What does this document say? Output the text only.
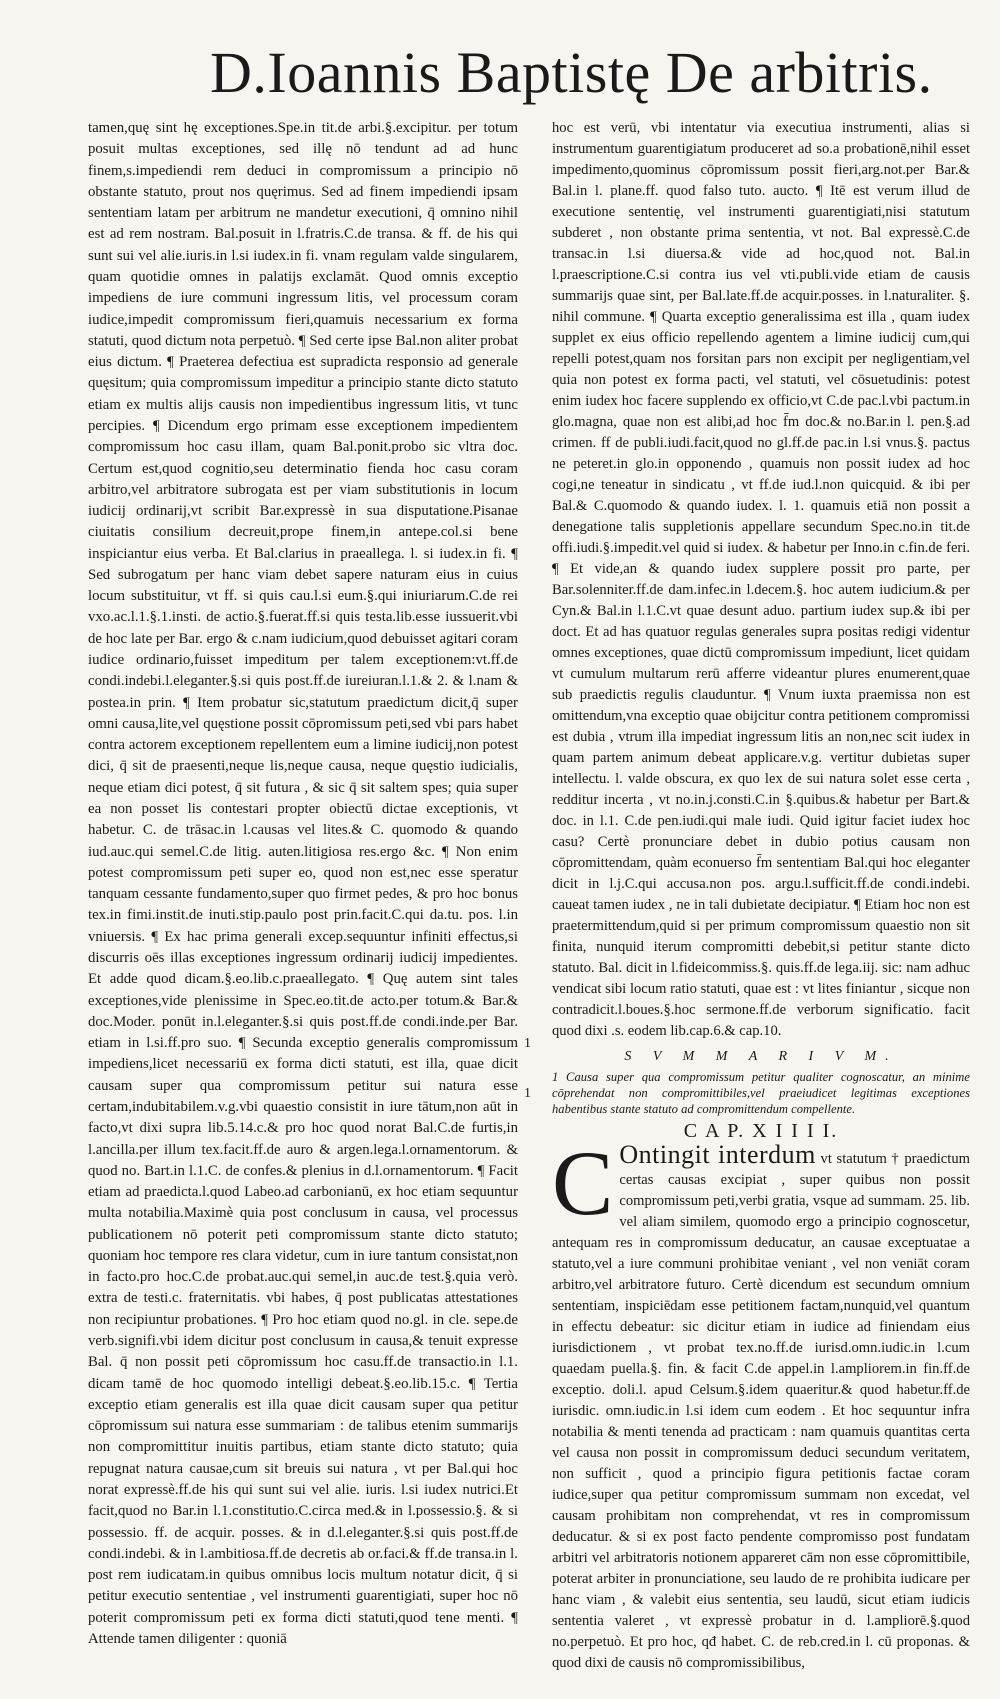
D.Ioannis Baptistę De arbitris.

tamen,quę sint hę exceptiones.Spe.in tit.de arbi.§.excipitur. per totum posuit multas exceptiones, sed illę nō tendunt ad ad hunc finem,s.impediendi rem deduci in compromissum a principio nō obstante statuto, prout nos quęrimus. Sed ad finem impediendi ipsam sententiam latam per arbitrum ne mandetur executioni, q̄ omnino nihil est ad rem nostram. Bal.posuit in l.fratris.C.de transa. & ff. de his qui sunt sui vel alie.iuris.in l.si iudex.in fi. vnam regulam valde singularem, quam quotidie omnes in palatijs exclamāt. Quod omnis exceptio impediens de iure communi ingressum litis, vel processum coram iudice,impedit compromissum fieri,quamuis necessarium ex forma statuti, quod dictum nota perpetuò. ¶ Sed certe ipse Bal.non aliter probat eius dictum. ¶ Praeterea defectiua est supradicta responsio ad generale quęsitum; quia compromissum impeditur a principio stante dicto statuto etiam ex multis alijs causis non impedientibus ingressum litis, vt tunc percipies. ¶ Dicendum ergo primam esse exceptionem impedientem compromissum hoc casu illam, quam Bal.ponit.probo sic vltra doc. Certum est,quod cognitio,seu determinatio fienda hoc casu coram arbitro,vel arbitratore subrogata est per viam substitutionis in locum iudicij ordinarij,vt scribit Bar.expressè in sua disputatione.Pisanae ciuitatis consilium decreuit,prope finem,in antepe.col.si bene inspiciantur eius verba. Et Bal.clarius in praeallega. l. si iudex.in fi. ¶ Sed subrogatum per hanc viam debet sapere naturam eius in cuius locum substituitur, vt ff. si quis cau.l.si eum.§.qui iniuriarum.C.de rei vxo.ac.l.1.§.1.insti. de actio.§.fuerat.ff.si quis testa.lib.esse iussuerit.vbi de hoc late per Bar. ergo & c.nam iudicium,quod debuisset agitari coram iudice ordinario,fuisset impeditum per talem exceptionem:vt.ff.de condi.indebi.l.eleganter.§.si quis post.ff.de iureiuran.l.1.& 2. & l.nam & postea.in prin. ¶ Item probatur sic,statutum praedictum dicit,q̄ super omni causa,lite,vel quęstione possit cōpromissum peti,sed vbi pars habet contra actorem exceptionem repellentem eum a limine iudicij,non potest dici, q̄ sit de praesenti,neque lis,neque causa, neque quęstio iudicialis, neque etiam dici potest, q̄ sit futura , & sic q̄ sit saltem spes; quia super ea non posset lis contestari propter obiectū dictae exceptionis, vt habetur. C. de trāsac.in l.causas vel lites.& C. quomodo & quando iud.auc.qui semel.C.de litig. auten.litigiosa res.ergo &c. ¶ Non enim potest compromissum peti super eo, quod non est,nec esse speratur tanquam cessante fundamento,super quo firmet pedes, & pro hoc bonus tex.in fimi.instit.de inuti.stip.paulo post prin.facit.C.qui da.tu. pos. l.in vniuersis. ¶ Ex hac prima generali excep.sequuntur infiniti effectus,si discurris oēs illas exceptiones ingressum ordinarij iudicij impedientes. Et adde quod dicam.§.eo.lib.c.praeallegato. ¶ Quę autem sint tales exceptiones,vide plenissime in Spec.eo.tit.de acto.per totum.& Bar.& doc.Moder. ponūt in.l.eleganter.§.si quis post.ff.de condi.inde.per Bar. etiam in l.si.ff.pro suo. ¶ Secunda exceptio generalis compromissum impediens,licet necessariū ex forma dicti statuti, est illa, quae dicit causam super qua compromissum petitur sui natura esse certam,indubitabilem.v.g.vbi quaestio consistit in iure tātum,non aūt in facto,vt dixi supra lib.5.14.c.& pro hoc quod norat Bal.C.de furtis,in l.ancilla.per illum tex.facit.ff.de auro & argen.lega.l.ornamentorum. & quod no. Bart.in l.1.C. de confes.& plenius in d.l.ornamentorum. ¶ Facit etiam ad praedicta.l.quod Labeo.ad carbonianū, ex hoc etiam sequuntur multa notabilia.Maximè quia post conclusum in causa, vel processus publicationem nō poterit peti compromissum stante dicto statuto; quoniam hoc tempore res clara videtur, cum in iure tantum consistat,non in facto.pro hoc.C.de probat.auc.qui semel,in auc.de test.§.quia verò. extra de testi.c. fraternitatis. vbi habes, q̄ post publicatas attestationes non recipiuntur probationes. ¶ Pro hoc etiam quod no.gl. in cle. sepe.de verb.signifi.vbi idem dicitur post conclusum in causa,& tenuit expresse Bal. q̄ non possit peti cōpromissum hoc casu.ff.de transactio.in l.1. dicam tamē de hoc quomodo intelligi debeat.§.eo.lib.15.c. ¶ Tertia exceptio etiam generalis est illa quae dicit causam super qua petitur cōpromissum sui natura esse summariam : de talibus etenim summarijs non compromittitur inuitis partibus, etiam stante dicto statuto; quia repugnat natura causae,cum sit breuis sui natura , vt per Bal.qui hoc norat expressè.ff.de his qui sunt sui vel alie. iuris. l.si iudex nutrici.Et facit,quod no Bar.in l.1.constitutio.C.circa med.& in l.possessio.§. & si possessio. ff. de acquir. posses. & in d.l.eleganter.§.si quis post.ff.de condi.indebi. & in l.ambitiosa.ff.de decretis ab or.faci.& ff.de transa.in l. post rem iudicatam.in quibus omnibus locis multum notatur dicit, q̄ si petitur executio sententiae , vel instrumenti guarentigiati, super hoc nō poterit compromissum peti ex forma dicti statuti,quod tene menti. ¶ Attende tamen diligenter : quoniā

1
1

hoc est verū, vbi intentatur via executiua instrumenti, alias si instrumentum guarentigiatum produceret ad so.a probationē,nihil esset impedimento,quominus cōpromissum possit fieri,arg.not.per Bar.& Bal.in l. plane.ff. quod falso tuto. aucto. ¶ Itē est verum illud de executione sententię, vel instrumenti guarentigiati,nisi statutum subderet , non obstante prima sententia, vt not. Bal expressè.C.de transac.in l.si diuersa.& vide ad hoc,quod not. Bal.in l.praescriptione.C.si contra ius vel vti.publi.vide etiam de causis summarijs quae sint, per Bal.late.ff.de acquir.posses. in l.naturaliter. §. nihil commune. ¶ Quarta exceptio generalissima est illa , quam iudex supplet ex eius officio repellendo agentem a limine iudicij cum,qui repelli potest,quam nos forsitan pars non excipit per negligentiam,vel quia non potest ex forma pacti, vel statuti, vel cōsuetudinis: potest enim iudex hoc facere supplendo ex officio,vt C.de pac.l.vbi pactum.in glo.magna, quae non est alibi,ad hoc f̄m doc.& no.Bar.in l. pen.§.ad crimen. ff de publi.iudi.facit,quod no gl.ff.de pac.in l.si vnus.§. pactus ne peteret.in glo.in opponendo , quamuis non possit iudex ad hoc cogi,ne teneatur in sindicatu , vt ff.de iud.l.non quicquid. & ibi per Bal.& C.quomodo & quando iudex. l. 1. quamuis etiā non possit a denegatione talis suppletionis appellare secundum Spec.no.in tit.de offi.iudi.§.impedit.vel quid si iudex. & habetur per Inno.in c.fin.de feri. ¶ Et vide,an & quando iudex supplere possit pro parte, per Bar.solenniter.ff.de dam.infec.in l.decem.§. hoc autem iudicium.& per Cyn.& Bal.in l.1.C.vt quae desunt aduo. partium iudex sup.& ibi per doct. Et ad has quatuor regulas generales supra positas redigi videntur omnes exceptiones, quae dictū compromissum impediunt, licet quidam vt cumulum multarum rerū afferre videantur plures enumerent,quae sub praedictis regulis clauduntur. ¶ Vnum iuxta praemissa non est omittendum,vna exceptio quae obijcitur contra petitionem compromissi est dubia , vtrum illa impediat ingressum litis an non,nec scit iudex in quam partem animum debeat applicare.v.g. vertitur dubietas super intellectu. l. valde obscura, ex quo lex de sui natura solet esse certa , redditur incerta , vt no.in.j.consti.C.in §.quibus.& habetur per Bart.& doc. in l.1. C.de pen.iudi.qui male iudi. Quid igitur faciet iudex hoc casu? Certè pronunciare debet in dubio potius causam non cōpromittendam, quàm econuerso f̄m sententiam Bal.qui hoc eleganter dicit in l.j.C.qui accusa.non pos. argu.l.sufficit.ff.de condi.indebi. caueat tamen iudex , ne in tali dubietate decipiatur. ¶ Etiam hoc non est praetermittendum,quid si per primum compromissum quaestio non sit finita, nunquid iterum compromitti debebit,si petitur stante dicto statuto. Bal. dicit in l.fideicommiss.§. quis.ff.de lega.iij. sic: nam adhuc vendicat sibi locum ratio statuti, quae est : vt lites finiantur , sicque non contradicit.l.boues.§.hoc sermone.ff.de verborum significatio. facit quod dixi .s. eodem lib.cap.6.& cap.10.

S V M M A R I V M.
1 Causa super qua compromissum petitur qualiter cognoscatur, an minime cōprehendat non compromittibiles,vel praeiudicet legitimas exceptiones habentibus stante statuto ad compromittendum compellente.
C A P. X I I I I.
C Ontingit interdum vt statutum † praedictum certas causas excipiat , super quibus non possit compromissum peti,verbi gratia, vsque ad summam. 25. lib. vel aliam similem, quomodo ergo a principio cognoscetur, antequam res in compromissum deducatur, an causae exceptuatae a statuto,vel a iure communi prohibitae veniant , vel non veniāt coram arbitro,vel arbitratore futuro. Certè dicendum est secundum omnium sententiam, inspiciēdam esse petitionem factam,nunquid,vel quantum in effectu debeatur: sic dicitur etiam in iudice ad finiendam eius iurisdictionem , vt probat tex.no.ff.de iurisd.omn.iudic.in l.cum quaedam puella.§. fin. & facit C.de appel.in l.ampliorem.in fin.ff.de exceptio. doli.l. apud Celsum.§.idem quaeritur.& quod habetur.ff.de iurisdic. omn.iudic.in l.si idem cum eodem . Et hoc sequuntur infra notabilia & menti tenenda ad practicam : nam quamuis quantitas certa vel causa non possit in compromissum deduci secundum veritatem, non sufficit , quod a principio figura petitionis factae coram iudice,super qua petitur compromissum summam non excedat, vel causam prohibitam non comprehendat, vt res in compromissum deducatur. & si ex post facto pendente compromisso post fundatam arbitri vel arbitratoris notionem appareret cām non esse cōpromittibile, poterat arbiter in pronunciatione, seu laudo de re prohibita iudicare per hanc viam , & valebit eius sententia, seu laudū, sicut etiam iudicis sententia valeret , vt expressè probatur in d. l.ampliorē.§.quod no.perpetuò. Et pro hoc, qđ habet. C. de reb.cred.in l. cū proponas. & quod dixi de causis nō compromissibilibus,
